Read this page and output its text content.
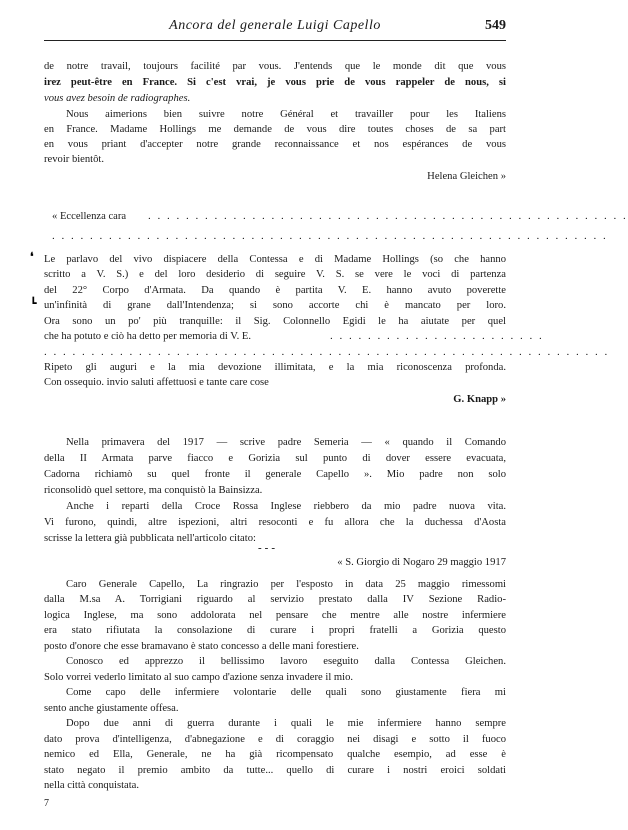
Ancora del generale Luigi Capello	549
de notre travail, toujours facilité par vous. J'entends que le monde dit que vous
irez peut-être en France. Si c'est vrai, je vous prie de vous rappeler de nous, si
vous avez besoin de radiographes.
Nous aimerions bien suivre notre Général et travailler pour les Italiens
en France. Madame Hollings me demande de vous dire toutes choses de sa part
en vous priant d'accepter notre grande reconnaissance et nos espérances de vous
revoir bientôt.
Helena Gleichen »
« Eccellenza cara	. . . . . . . . . . . . . . . . . . . . . . . . . . . . . . . . . . . . . . . . . . . . . . . . . . .
. . . . . . . . . . . . . . . . . . . . . . . . . . . . . . . . . . . . . . . . . . . . . . . . . . . . . . . . . . .
❛ Le parlavo del vivo dispiacere della Contessa e di Madame Hollings (so che hanno
scritto a V. S.) e del loro desiderio di seguire V. S. se vere le voci di partenza
del 22° Corpo d'Armata. Da quando è partita V. E. hanno avuto poverette
┗ un'infinità di grane dall'Intendenza; si sono accorte chi è mancato per loro.
Ora sono un po' più tranquille: il Sig. Colonnello Egidi le ha aiutate per quel
che ha potuto e ciò ha detto per memoria di V. E.	. . . . . . . . . . . . . . . . . . . . . . .
. . . . . . . . . . . . . . . . . . . . . . . . . . . . . . . . . . . . . . . . . . . . . . . . . . . . . . . . . . . .
Ripeto gli auguri e la mia devozione illimitata, e la mia riconoscenza profonda.
Con ossequio. invio saluti affettuosi e tante care cose
G. Knapp »
Nella primavera del 1917 — scrive padre Semeria — « quando il Comando
della II Armata parve fiacco e Gorizia sul punto di dover essere evacuata,
Cadorna richiamò su quel fronte il generale Capello ». Mio padre non solo
riconsolidò quel settore, ma conquistò la Bainsizza.
Anche i reparti della Croce Rossa Inglese riebbero da mio padre nuova vita.
Vi furono, quindi, altre ispezioni, altri resoconti e fu allora che la duchessa d'Aosta
scrisse la lettera già pubblicata nell'articolo citato:
-‐-
« S. Giorgio di Nogaro 29 maggio 1917
Caro Generale Capello, La ringrazio per l'esposto in data 25 maggio rimessomi
dalla M.sa A. Torrigiani riguardo al servizio prestato dalla IV Sezione Radio-
logica Inglese, ma sono addolorata nel pensare che mentre alle nostre infermiere
era stato rifiutata la consolazione di curare i propri fratelli a Gorizia questo
posto d'onore che esse bramavano è stato concesso a delle mani forestiere.
Conosco ed apprezzo il bellissimo lavoro eseguito dalla Contessa Gleichen.
Solo vorrei vederlo limitato al suo campo d'azione senza invadere il mio.
Come capo delle infermiere volontarie delle quali sono giustamente fiera mi
sento anche giustamente offesa.
Dopo due anni di guerra durante i quali le mie infermiere hanno sempre
dato prova d'intelligenza, d'abnegazione e di coraggio nei disagi e sotto il fuoco
nemico ed Ella, Generale, ne ha già ricompensato qualche esempio, ad esse è
stato negato il premio ambito da tutte... quello di curare i nostri eroici soldati
nella città conquistata.
7
